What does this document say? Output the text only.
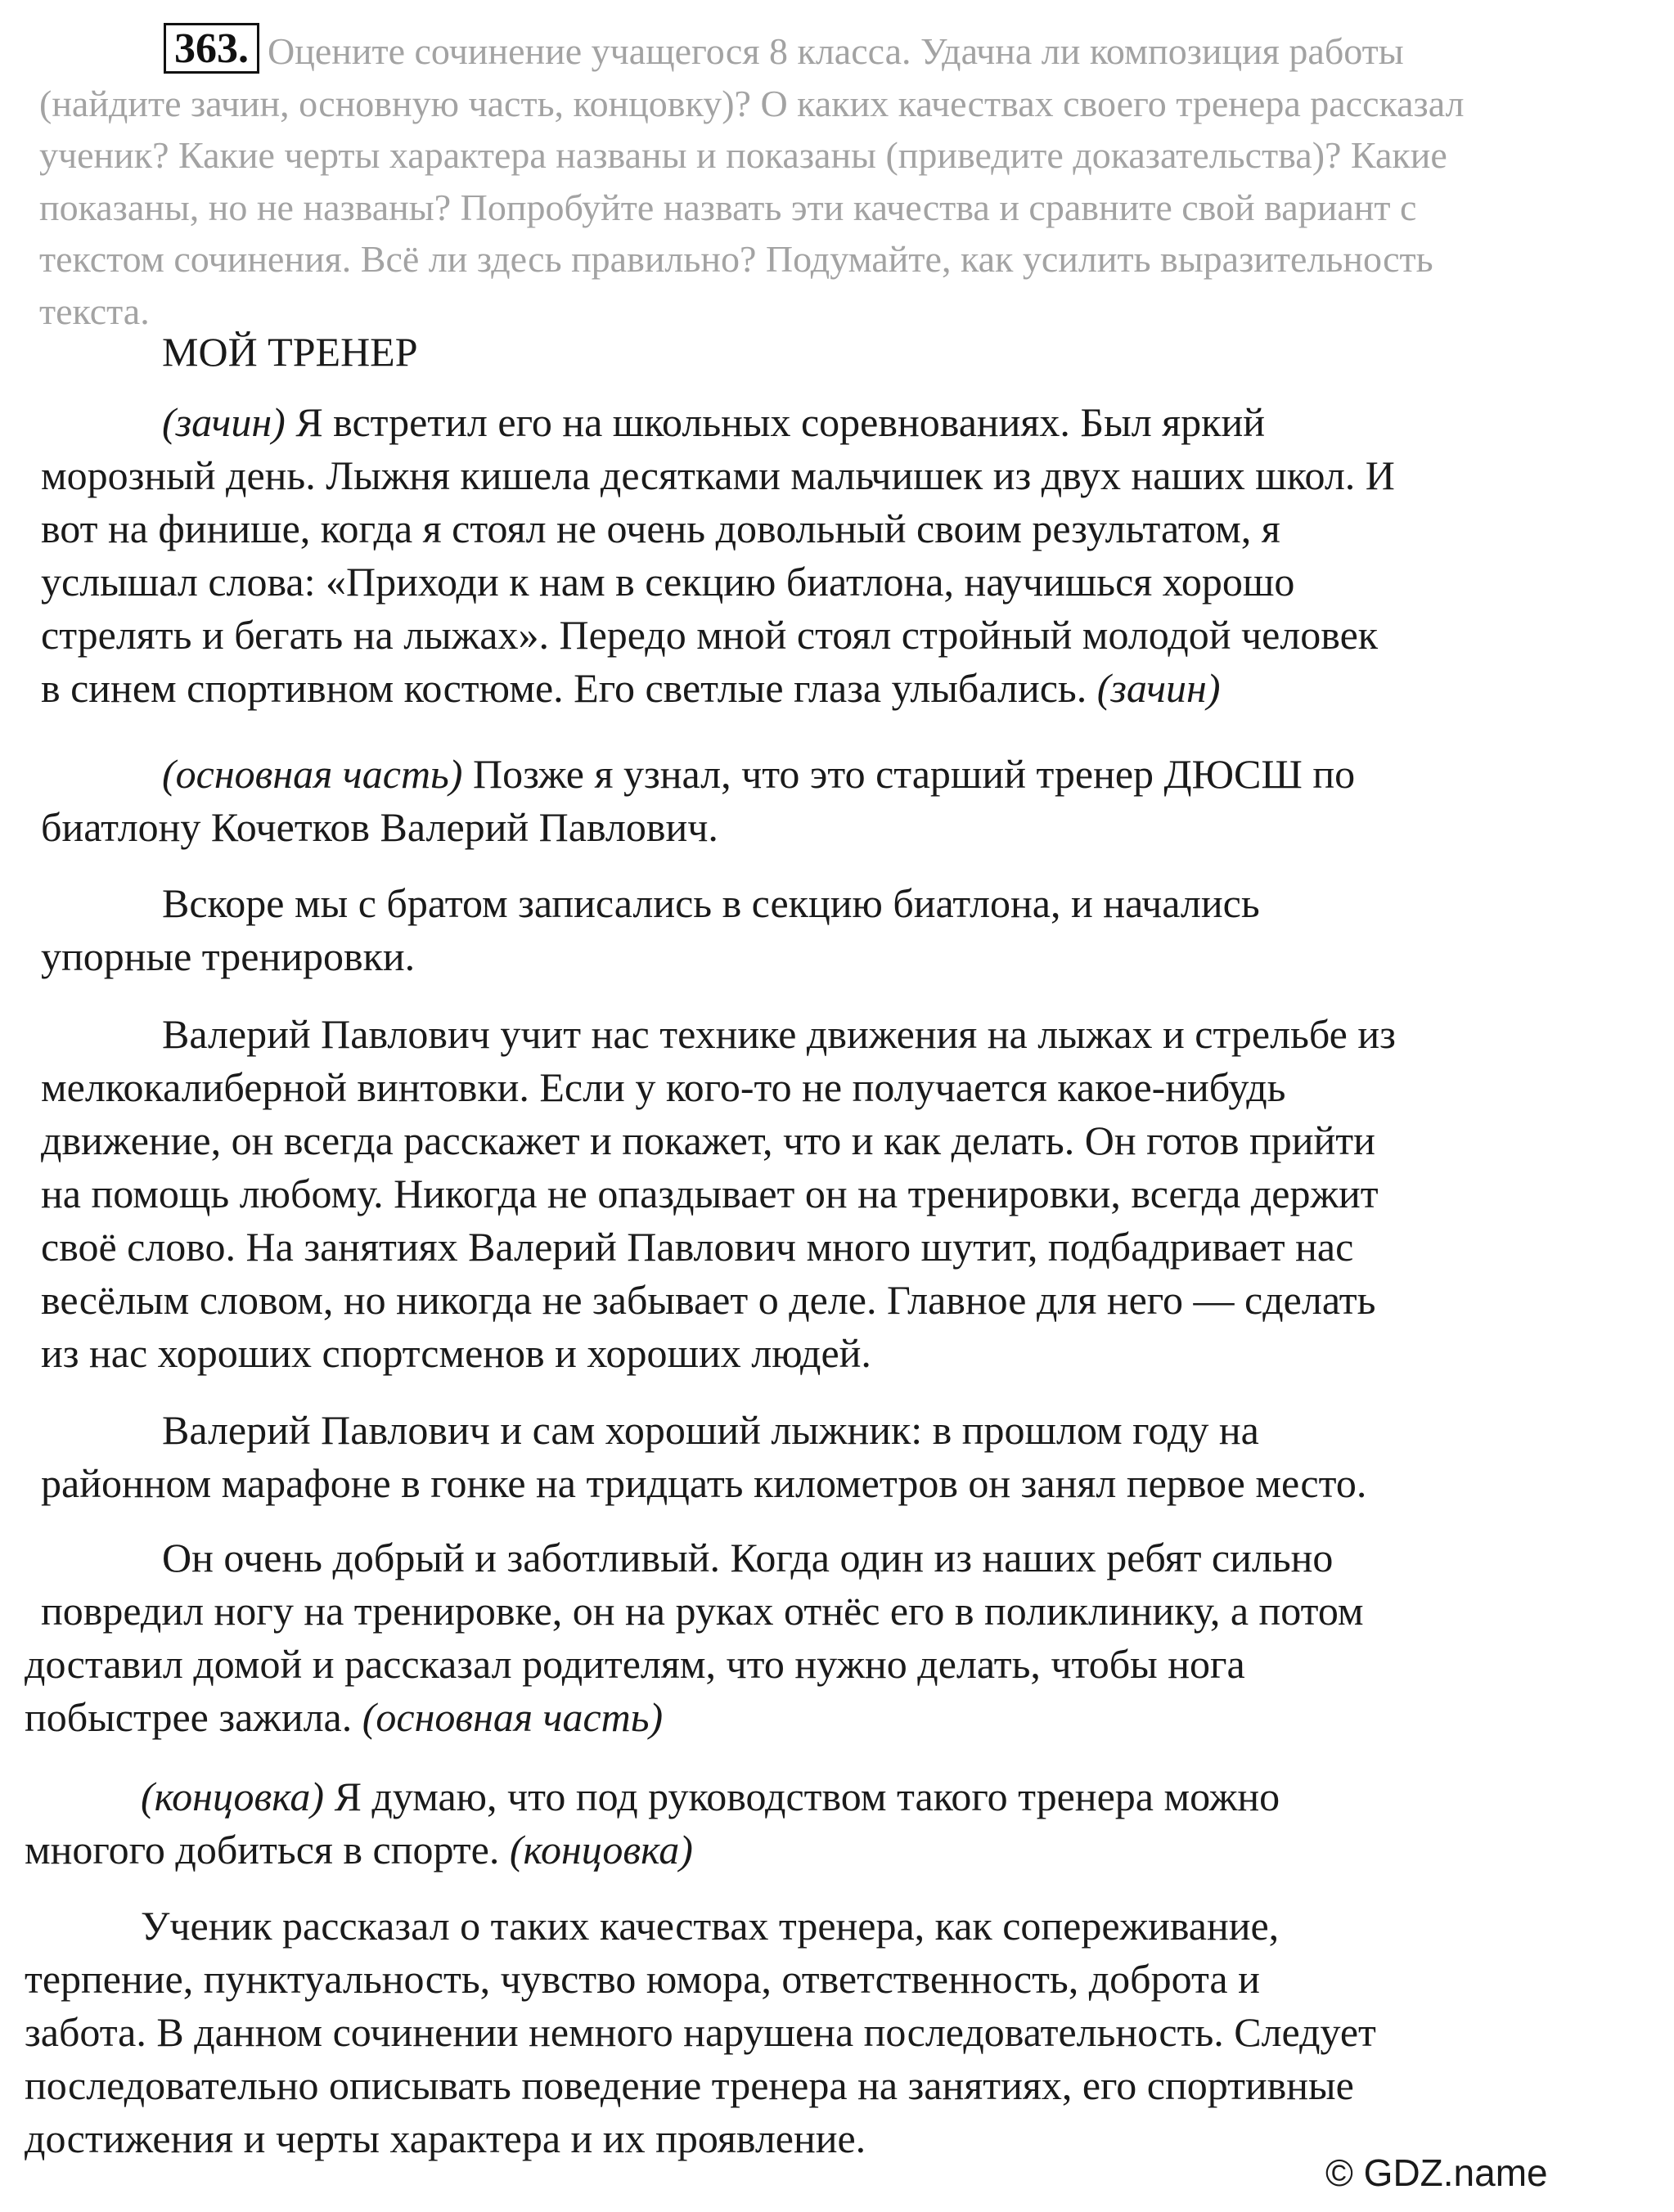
363. Оцените сочинение учащегося 8 класса. Удачна ли композиция работы
(найдите зачин, основную часть, концовку)? О каких качествах своего тренера рассказал
ученик? Какие черты характера названы и показаны (приведите доказательства)? Какие
показаны, но не названы? Попробуйте назвать эти качества и сравните свой вариант с
текстом сочинения. Всё ли здесь правильно? Подумайте, как усилить выразительность
текста.
МОЙ ТРЕНЕР
(зачин) Я встретил его на школьных соревнованиях. Был яркий
морозный день. Лыжня кишела десятками мальчишек из двух наших школ. И
вот на финише, когда я стоял не очень довольный своим результатом, я
услышал слова: «Приходи к нам в секцию биатлона, научишься хорошо
стрелять и бегать на лыжах». Передо мной стоял стройный молодой человек
в синем спортивном костюме. Его светлые глаза улыбались. (зачин)
(основная часть) Позже я узнал, что это старший тренер ДЮСШ по
биатлону Кочетков Валерий Павлович.
Вскоре мы с братом записались в секцию биатлона, и начались
упорные тренировки.
Валерий Павлович учит нас технике движения на лыжах и стрельбе из
мелкокалиберной винтовки. Если у кого-то не получается какое-нибудь
движение, он всегда расскажет и покажет, что и как делать. Он готов прийти
на помощь любому. Никогда не опаздывает он на тренировки, всегда держит
своё слово. На занятиях Валерий Павлович много шутит, подбадривает нас
весёлым словом, но никогда не забывает о деле. Главное для него — сделать
из нас хороших спортсменов и хороших людей.
Валерий Павлович и сам хороший лыжник: в прошлом году на
районном марафоне в гонке на тридцать километров он занял первое место.
Он очень добрый и заботливый. Когда один из наших ребят сильно
повредил ногу на тренировке, он на руках отнёс его в поликлинику, а потом
доставил домой и рассказал родителям, что нужно делать, чтобы нога
побыстрее зажила. (основная часть)
(концовка) Я думаю, что под руководством такого тренера можно
многого добиться в спорте. (концовка)
Ученик рассказал о таких качествах тренера, как сопереживание,
терпение, пунктуальность, чувство юмора, ответственность, доброта и
забота. В данном сочинении немного нарушена последовательность. Следует
последовательно описывать поведение тренера на занятиях, его спортивные
достижения и черты характера и их проявление.
© GDZ.name
